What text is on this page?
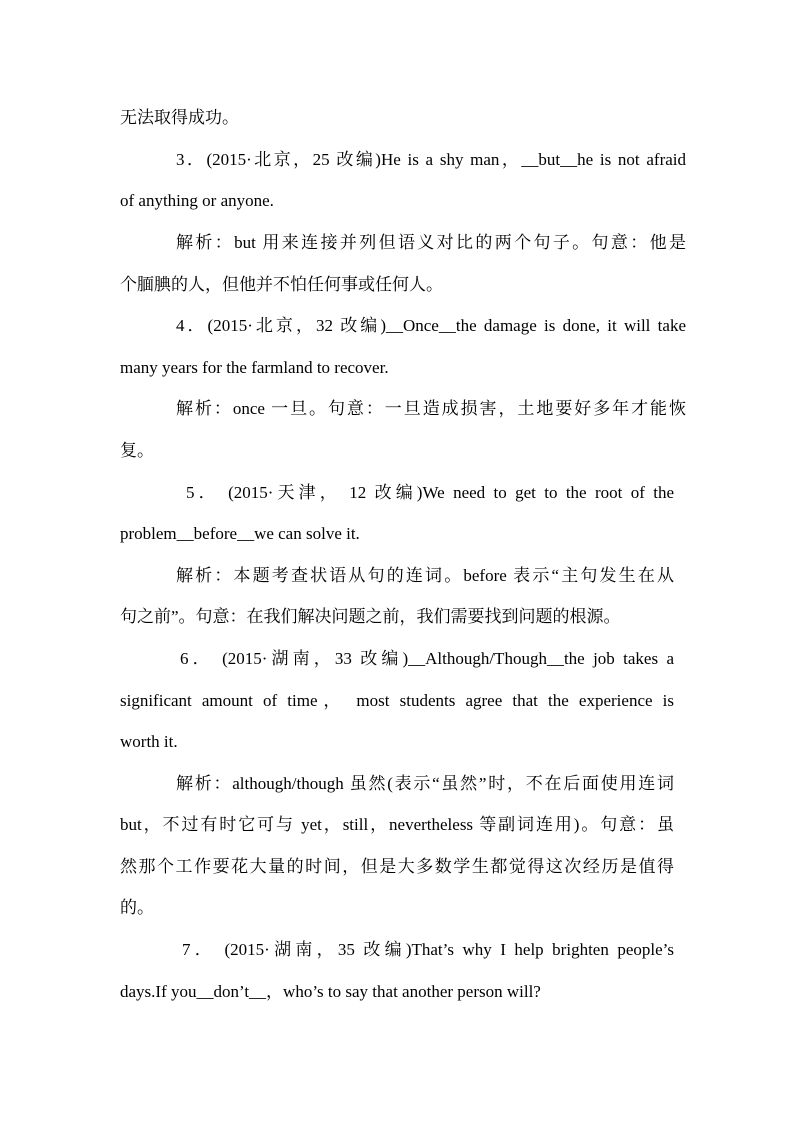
无法取得成功。
3．(2015·北京，25 改编)He is a shy man，__but__he is not afraid
of anything or anyone.
解析：but 用来连接并列但语义对比的两个句子。句意：他是
个腼腆的人，但他并不怕任何事或任何人。
4．(2015·北京，32 改编)__Once__the damage is done, it will take
many years for the farmland to recover.
解析：once 一旦。句意：一旦造成损害，土地要好多年才能恢
复。
5． (2015·天津， 12 改编)We need to get to the root of the
problem__before__we can solve it.
解析：本题考查状语从句的连词。before 表示“主句发生在从
句之前”。句意：在我们解决问题之前，我们需要找到问题的根源。
6． (2015·湖南，33 改编)__Although/Though__the job takes a
significant amount of time， most students agree that the experience is
worth it.
解析：although/though 虽然(表示“虽然”时，不在后面使用连词
but，不过有时它可与 yet，still，nevertheless 等副词连用)。句意：虽
然那个工作要花大量的时间，但是大多数学生都觉得这次经历是值得
的。
7． (2015·湖南，35 改编)That’s why I help brighten people’s
days.If you__don’t__，who’s to say that another person will?
